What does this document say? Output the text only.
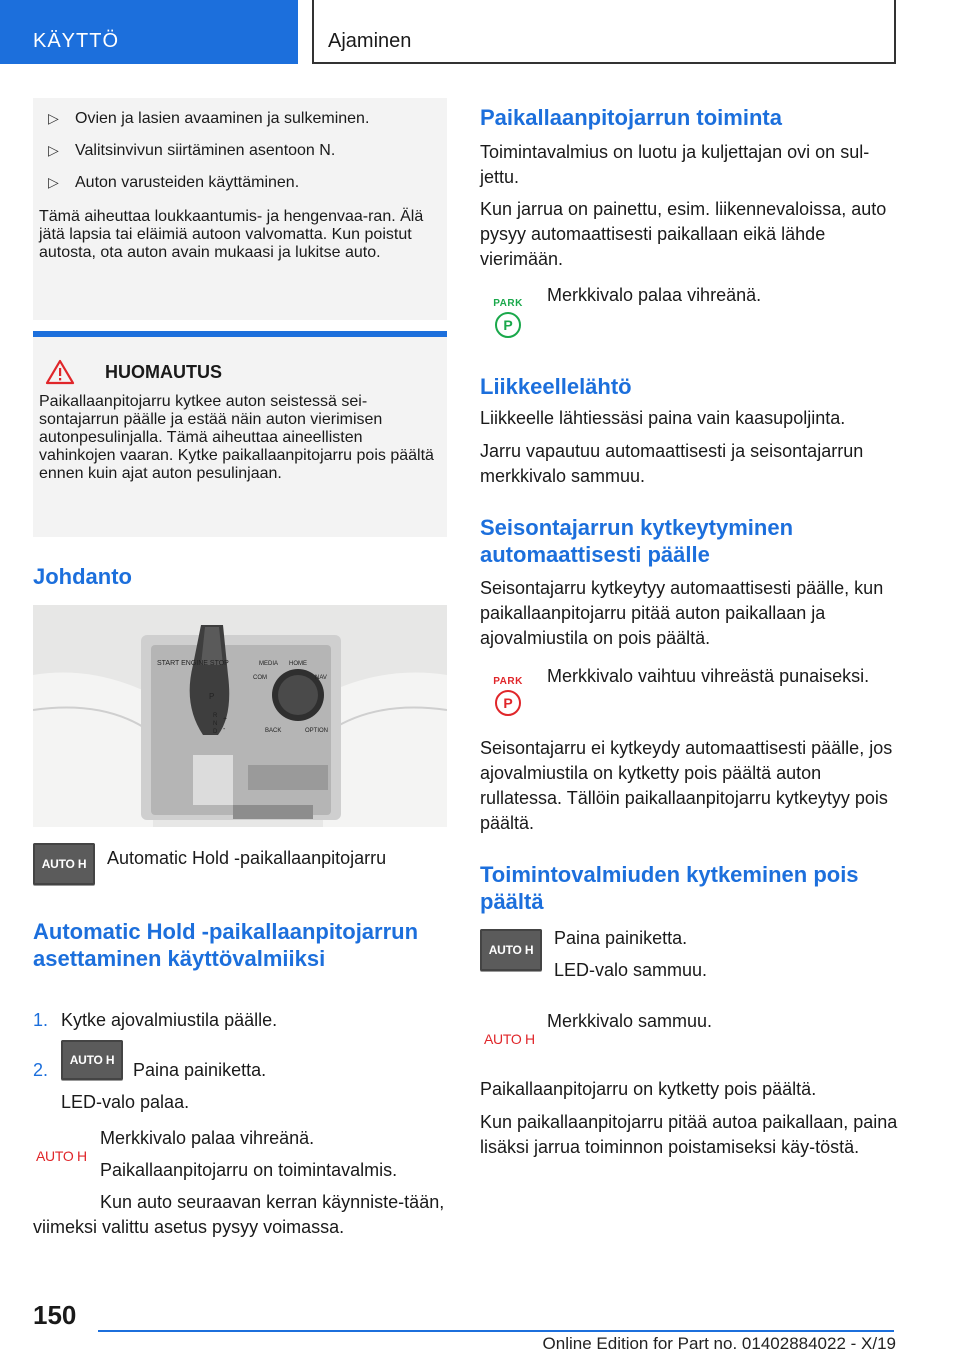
KÄYTTÖ	Ajaminen
▷	Ovien ja lasien avaaminen ja sulkeminen.
▷	Valitsinvivun siirtäminen asentoon N.
▷	Auton varusteiden käyttäminen.

Tämä aiheuttaa loukkaantumis- ja hengenvaa-ran. Älä jätä lapsia tai eläimiä autoon valvomatta. Kun poistut autosta, ota auton avain mukaasi ja lukitse auto.

HUOMAUTUS

Paikallaanpitojarru kytkee auton seistessä sei-sontajarrun päälle ja estää näin auton vierimisen autonpesulinjalla. Tämä aiheuttaa aineellisten vahinkojen vaaran. Kytke paikallaanpitojarru pois päältä ennen kuin ajat auton pesulinjaan.

Johdanto
START ENGINE STOP	MEDIA HOME
COM	NAV
BACK	OPTION
P
R
N
D
+
-
AUTO H	Automatic Hold -paikallaanpitojarru
Automatic Hold -paikallaanpitojarrun asettaminen käyttövalmiiksi
1. Kytke ajovalmiustila päälle.
2.	AUTO H	Paina painiketta.
LED-valo palaa.
AUTO H
Merkkivalo palaa vihreänä.
Paikallaanpitojarru on toimintavalmis.
Kun auto seuraavan kerran käynniste-tään, viimeksi valittu asetus pysyy voimassa.
Paikallaanpitojarrun toiminta
Toimintavalmius on luotu ja kuljettajan ovi on sul-jettu.
Kun jarrua on painettu, esim. liikennevaloissa, auto pysyy automaattisesti paikallaan eikä lähde vierimään.
PARK
P
Merkkivalo palaa vihreänä.
Liikkeellelähtö
Liikkeelle lähtiessäsi paina vain kaasupoljinta.
Jarru vapautuu automaattisesti ja seisontajarrun merkkivalo sammuu.
Seisontajarrun kytkeytyminen automaattisesti päälle
Seisontajarru kytkeytyy automaattisesti päälle, kun paikallaanpitojarru pitää auton paikallaan ja ajovalmiustila on pois päältä.
PARK
P
Merkkivalo vaihtuu vihreästä punaiseksi.
Seisontajarru ei kytkeydy automaattisesti päälle, jos ajovalmiustila on kytketty pois päältä auton rullatessa. Tällöin paikallaanpitojarru kytkeytyy pois päältä.
Toimintovalmiuden kytkeminen pois päältä
AUTO H
Paina painiketta.
LED-valo sammuu.
AUTO H
Merkkivalo sammuu.
Paikallaanpitojarru on kytketty pois päältä.
Kun paikallaanpitojarru pitää autoa paikallaan, paina lisäksi jarrua toiminnon poistamiseksi käy-töstä.
150
Online Edition for Part no. 01402884022 - X/19
